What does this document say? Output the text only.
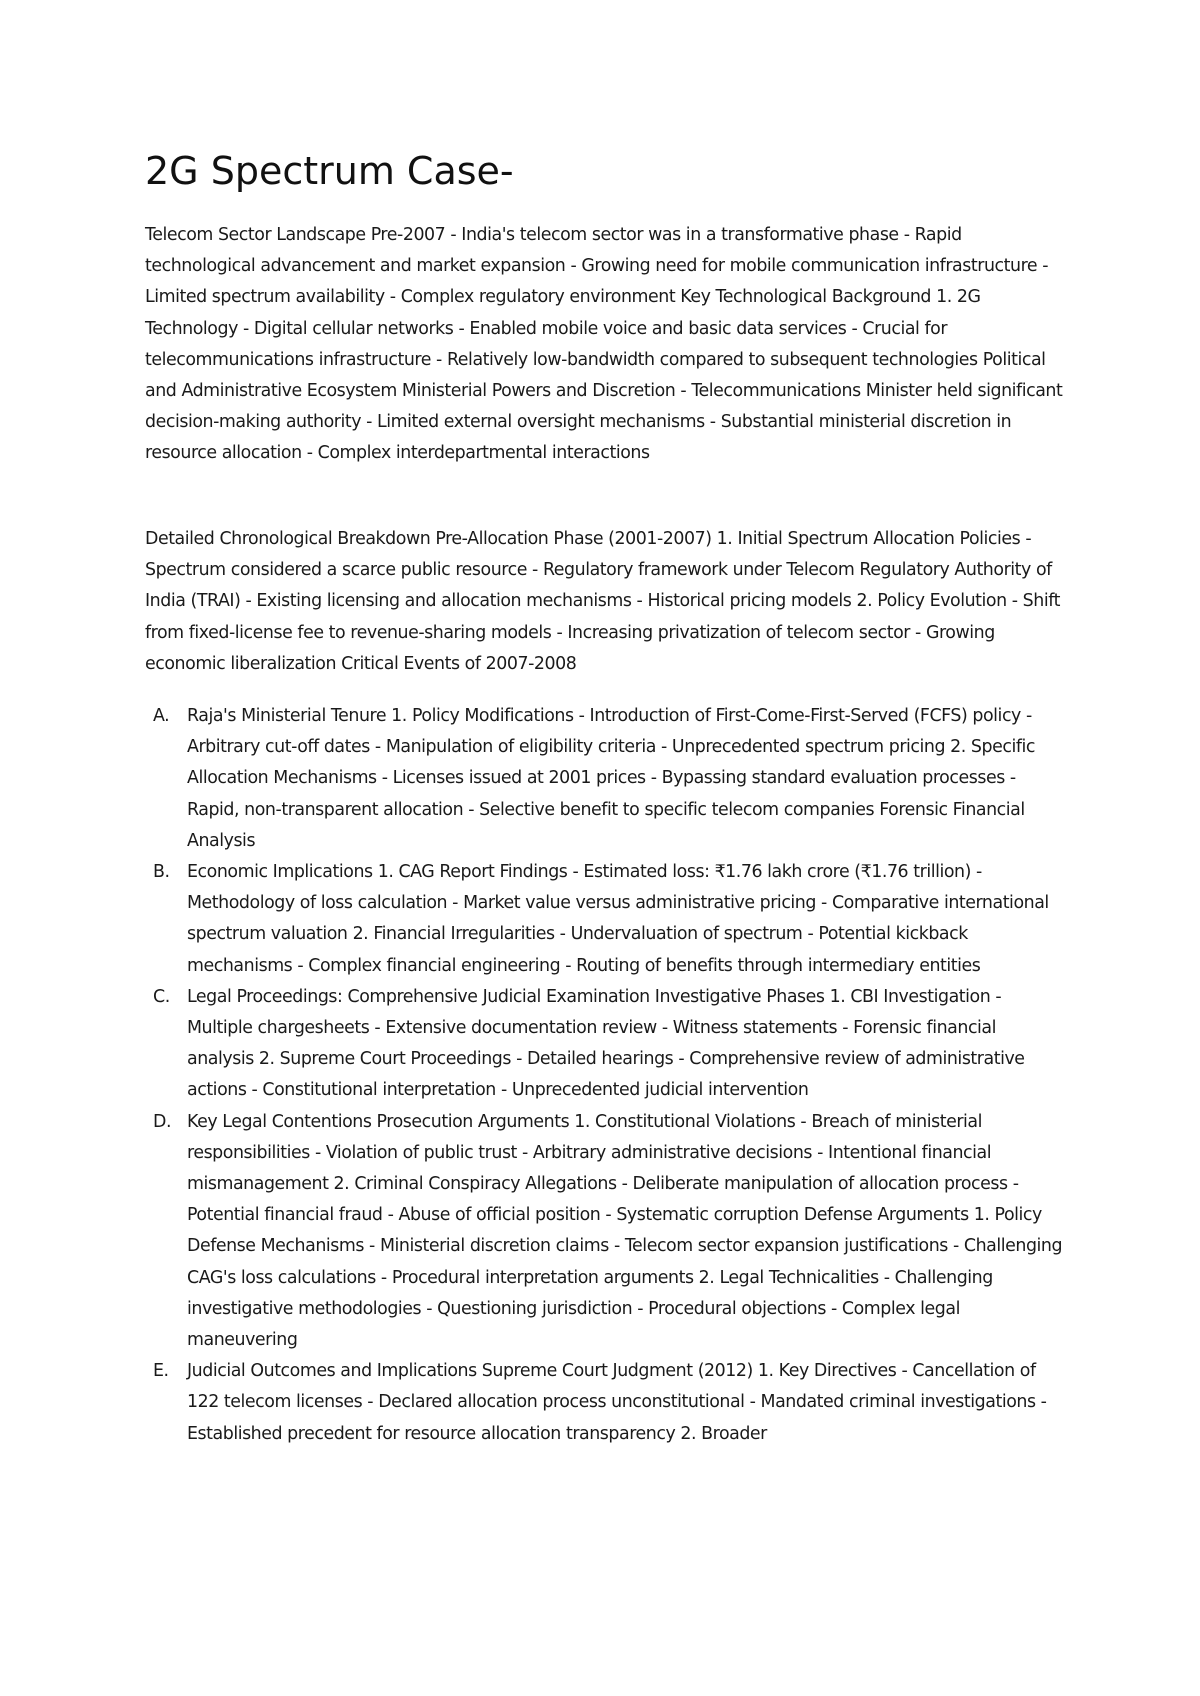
2G Spectrum Case-

Telecom Sector Landscape Pre-2007 - India's telecom sector was in a transformative phase - Rapid technological advancement and market expansion - Growing need for mobile communication infrastructure - Limited spectrum availability - Complex regulatory environment Key Technological Background 1. 2G Technology - Digital cellular networks - Enabled mobile voice and basic data services - Crucial for telecommunications infrastructure - Relatively low-bandwidth compared to subsequent technologies Political and Administrative Ecosystem Ministerial Powers and Discretion - Telecommunications Minister held significant decision-making authority - Limited external oversight mechanisms - Substantial ministerial discretion in resource allocation - Complex interdepartmental interactions

Detailed Chronological Breakdown Pre-Allocation Phase (2001-2007) 1. Initial Spectrum Allocation Policies - Spectrum considered a scarce public resource - Regulatory framework under Telecom Regulatory Authority of India (TRAI) - Existing licensing and allocation mechanisms - Historical pricing models 2. Policy Evolution - Shift from fixed-license fee to revenue-sharing models - Increasing privatization of telecom sector - Growing economic liberalization Critical Events of 2007-2008

A. Raja's Ministerial Tenure 1. Policy Modifications - Introduction of First-Come-First-Served (FCFS) policy - Arbitrary cut-off dates - Manipulation of eligibility criteria - Unprecedented spectrum pricing 2. Specific Allocation Mechanisms - Licenses issued at 2001 prices - Bypassing standard evaluation processes - Rapid, non-transparent allocation - Selective benefit to specific telecom companies Forensic Financial Analysis
B. Economic Implications 1. CAG Report Findings - Estimated loss: ₹1.76 lakh crore (₹1.76 trillion) - Methodology of loss calculation - Market value versus administrative pricing - Comparative international spectrum valuation 2. Financial Irregularities - Undervaluation of spectrum - Potential kickback mechanisms - Complex financial engineering - Routing of benefits through intermediary entities
C. Legal Proceedings: Comprehensive Judicial Examination Investigative Phases 1. CBI Investigation - Multiple chargesheets - Extensive documentation review - Witness statements - Forensic financial analysis 2. Supreme Court Proceedings - Detailed hearings - Comprehensive review of administrative actions - Constitutional interpretation - Unprecedented judicial intervention
D. Key Legal Contentions Prosecution Arguments 1. Constitutional Violations - Breach of ministerial responsibilities - Violation of public trust - Arbitrary administrative decisions - Intentional financial mismanagement 2. Criminal Conspiracy Allegations - Deliberate manipulation of allocation process - Potential financial fraud - Abuse of official position - Systematic corruption Defense Arguments 1. Policy Defense Mechanisms - Ministerial discretion claims - Telecom sector expansion justifications - Challenging CAG's loss calculations - Procedural interpretation arguments 2. Legal Technicalities - Challenging investigative methodologies - Questioning jurisdiction - Procedural objections - Complex legal maneuvering
E. Judicial Outcomes and Implications Supreme Court Judgment (2012) 1. Key Directives - Cancellation of 122 telecom licenses - Declared allocation process unconstitutional - Mandated criminal investigations - Established precedent for resource allocation transparency 2. Broader
